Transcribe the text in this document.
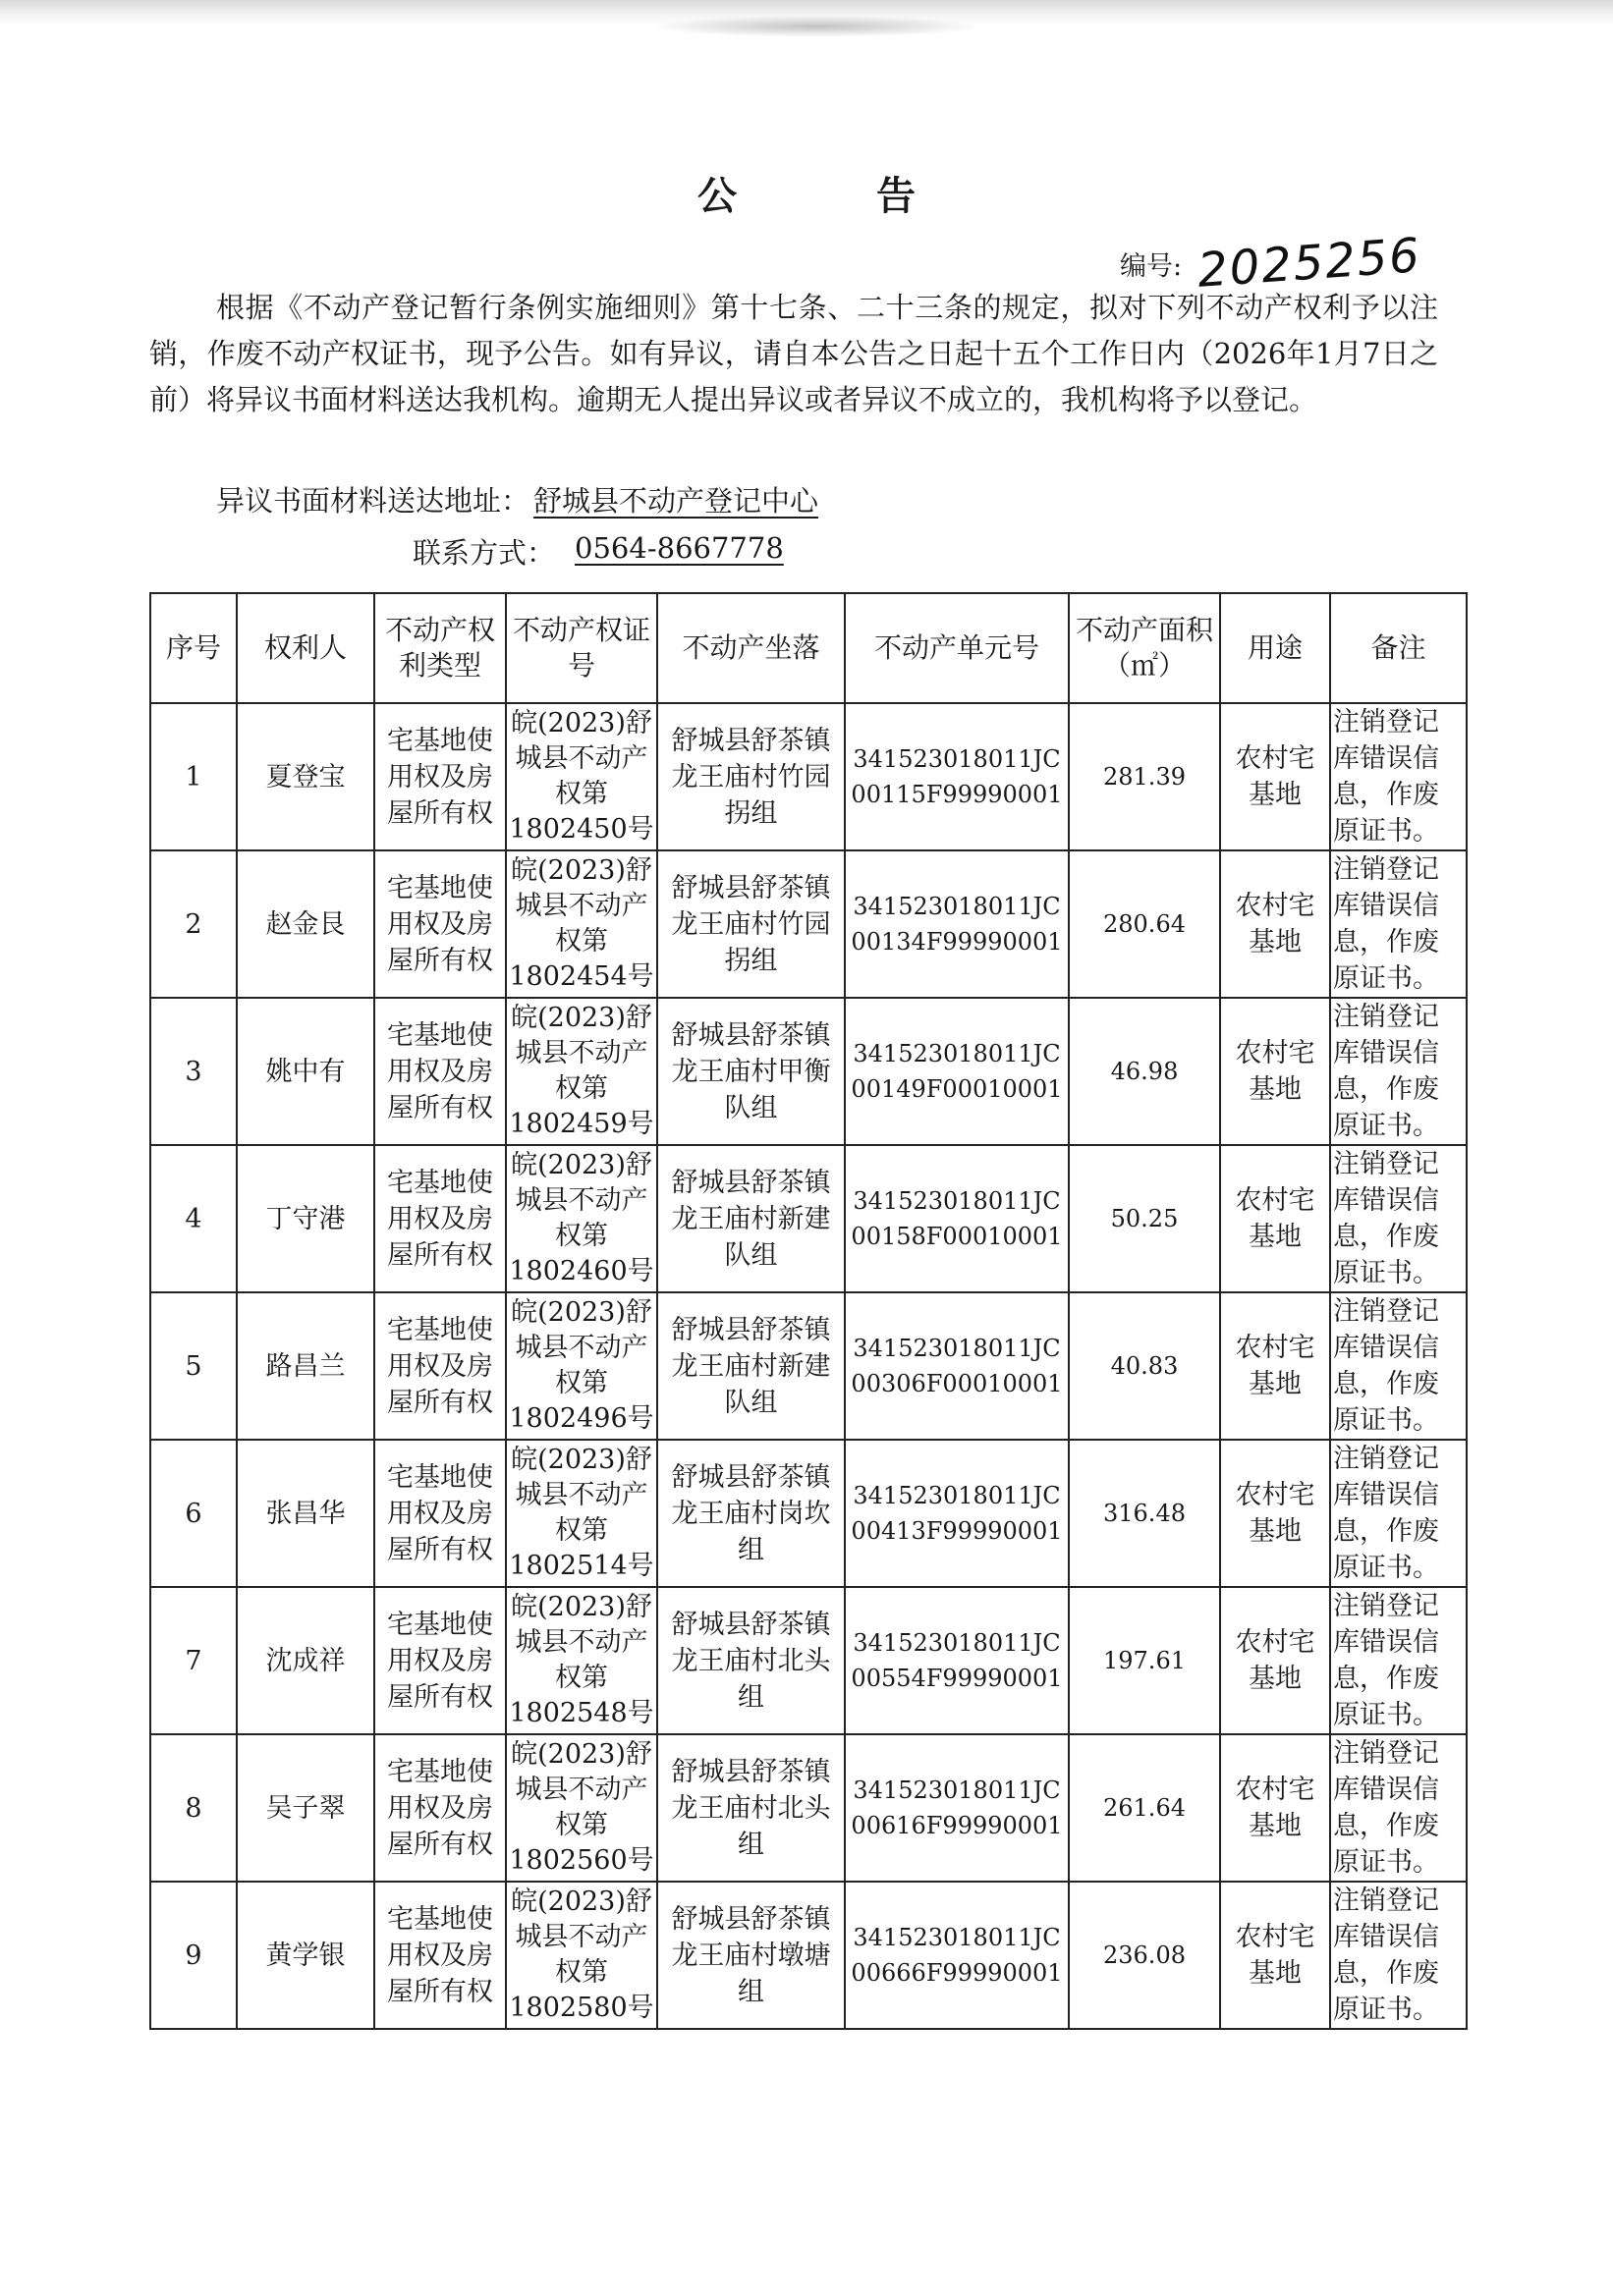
公 告
编号: 2025256

根据《不动产登记暂行条例实施细则》第十七条、二十三条的规定，拟对下列不动产权利予以注销，作废不动产权证书，现予公告。如有异议，请自本公告之日起十五个工作日内（2026年1月7日之前）将异议书面材料送达我机构。逾期无人提出异议或者异议不成立的，我机构将予以登记。

异议书面材料送达地址： 舒城县不动产登记中心
联系方式： 0564-8667778
序号	权利人	不动产权利类型	不动产权证号	不动产坐落	不动产单元号	不动产面积（㎡）	用途	备注
1	夏登宝	宅基地使用权及房屋所有权	皖(2023)舒城县不动产权第1802450号	舒城县舒茶镇龙王庙村竹园拐组	341523018011JC00115F99990001	281.39	农村宅基地	注销登记库错误信息，作废原证书。
2	赵金艮	宅基地使用权及房屋所有权	皖(2023)舒城县不动产权第1802454号	舒城县舒茶镇龙王庙村竹园拐组	341523018011JC00134F99990001	280.64	农村宅基地	注销登记库错误信息，作废原证书。
3	姚中有	宅基地使用权及房屋所有权	皖(2023)舒城县不动产权第1802459号	舒城县舒茶镇龙王庙村甲衡队组	341523018011JC00149F00010001	46.98	农村宅基地	注销登记库错误信息，作废原证书。
4	丁守港	宅基地使用权及房屋所有权	皖(2023)舒城县不动产权第1802460号	舒城县舒茶镇龙王庙村新建队组	341523018011JC00158F00010001	50.25	农村宅基地	注销登记库错误信息，作废原证书。
5	路昌兰	宅基地使用权及房屋所有权	皖(2023)舒城县不动产权第1802496号	舒城县舒茶镇龙王庙村新建队组	341523018011JC00306F00010001	40.83	农村宅基地	注销登记库错误信息，作废原证书。
6	张昌华	宅基地使用权及房屋所有权	皖(2023)舒城县不动产权第1802514号	舒城县舒茶镇龙王庙村岗坎组	341523018011JC00413F99990001	316.48	农村宅基地	注销登记库错误信息，作废原证书。
7	沈成祥	宅基地使用权及房屋所有权	皖(2023)舒城县不动产权第1802548号	舒城县舒茶镇龙王庙村北头组	341523018011JC00554F99990001	197.61	农村宅基地	注销登记库错误信息，作废原证书。
8	吴子翠	宅基地使用权及房屋所有权	皖(2023)舒城县不动产权第1802560号	舒城县舒茶镇龙王庙村北头组	341523018011JC00616F99990001	261.64	农村宅基地	注销登记库错误信息，作废原证书。
9	黄学银	宅基地使用权及房屋所有权	皖(2023)舒城县不动产权第1802580号	舒城县舒茶镇龙王庙村墩塘组	341523018011JC00666F99990001	236.08	农村宅基地	注销登记库错误信息，作废原证书。
